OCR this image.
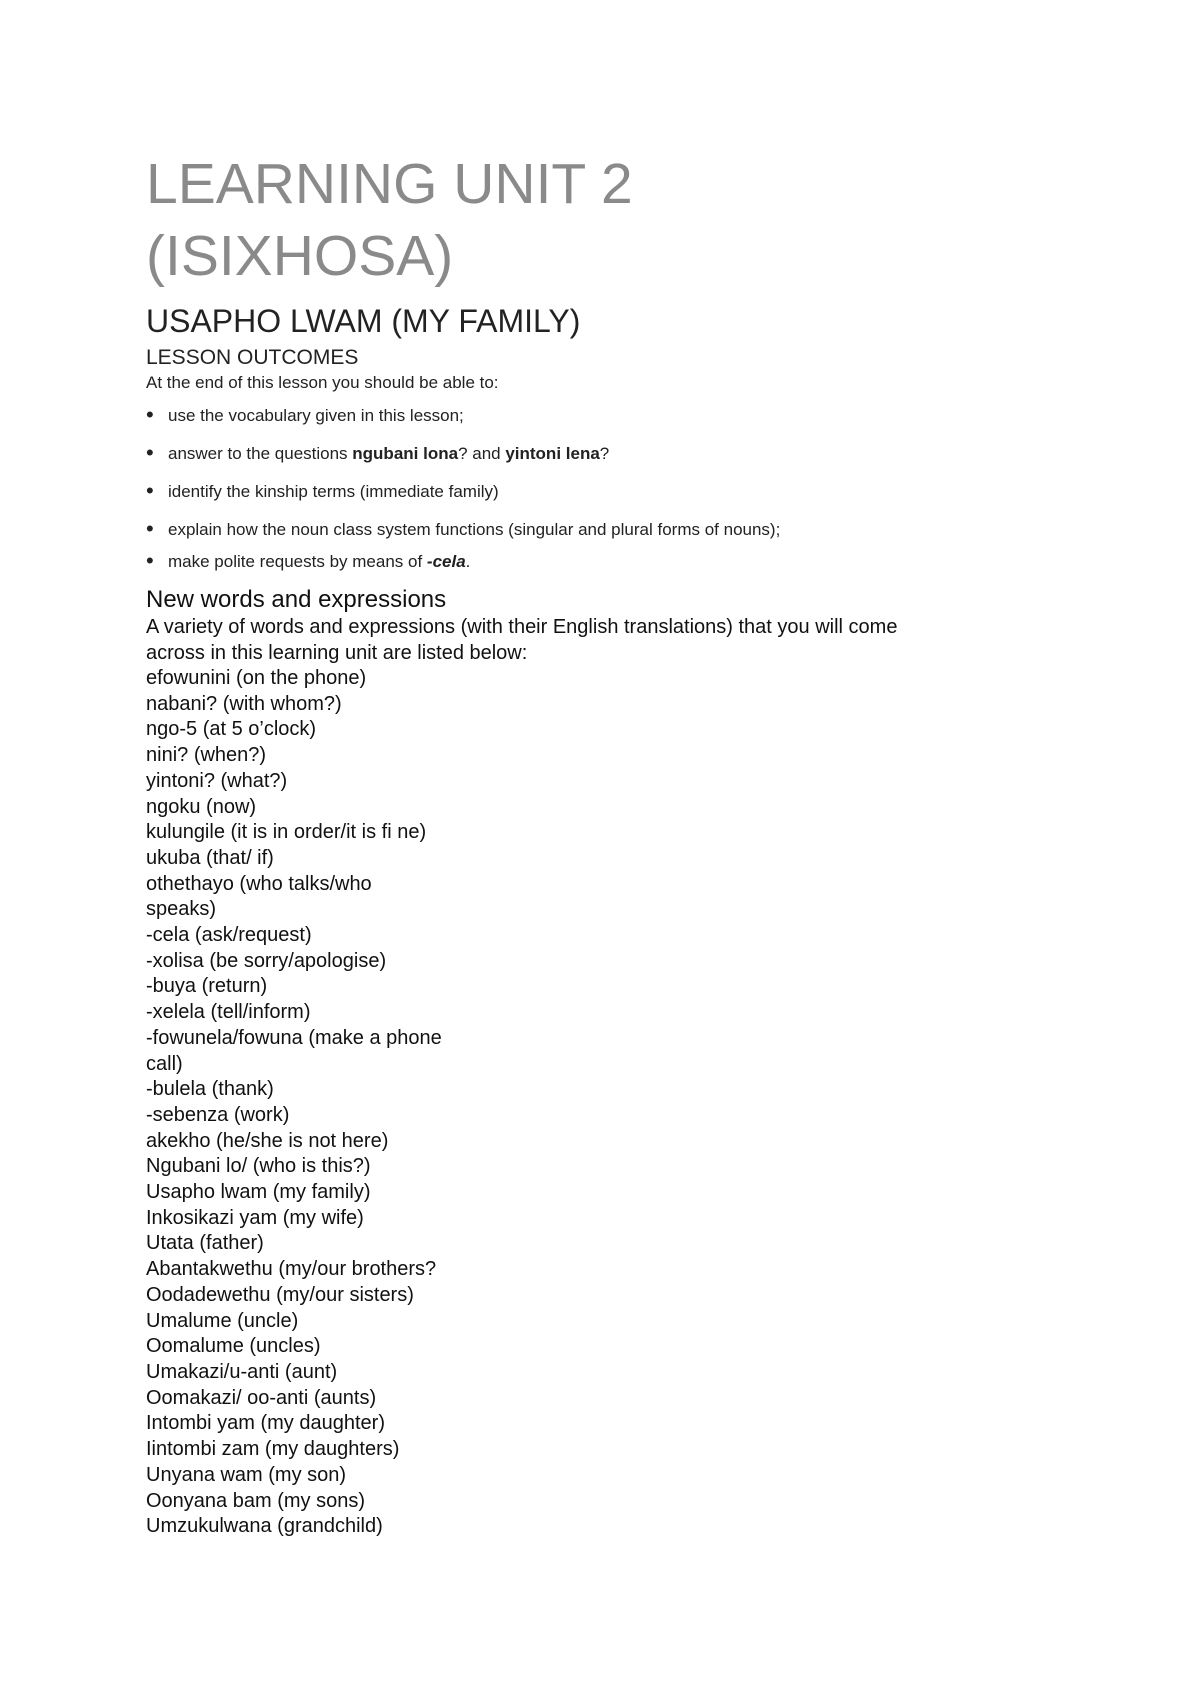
LEARNING UNIT 2
(ISIXHOSA)
USAPHO LWAM (MY FAMILY)
LESSON OUTCOMES
At the end of this lesson you should be able to:
• use the vocabulary given in this lesson;
• answer to the questions ngubani lona? and yintoni lena?
• identify the kinship terms (immediate family)
• explain how the noun class system functions (singular and plural forms of nouns);
• make polite requests by means of -cela.
New words and expressions
A variety of words and expressions (with their English translations) that you will come across in this learning unit are listed below:
efowunini (on the phone)
nabani? (with whom?)
ngo-5 (at 5 o’clock)
nini? (when?)
yintoni? (what?)
ngoku (now)
kulungile (it is in order/it is fi ne)
ukuba (that/ if)
othethayo (who talks/who speaks)
-cela (ask/request)
-xolisa (be sorry/apologise)
-buya (return)
-xelela (tell/inform)
-fowunela/fowuna (make a phone call)
-bulela (thank)
-sebenza (work)
akekho (he/she is not here)
Ngubani lo/ (who is this?)
Usapho lwam (my family)
Inkosikazi yam (my wife)
Utata (father)
Abantakwethu (my/our brothers?
Oodadewethu (my/our sisters)
Umalume (uncle)
Oomalume (uncles)
Umakazi/u-anti (aunt)
Oomakazi/ oo-anti (aunts)
Intombi yam (my daughter)
Iintombi zam (my daughters)
Unyana wam (my son)
Oonyana bam (my sons)
Umzukulwana (grandchild)
